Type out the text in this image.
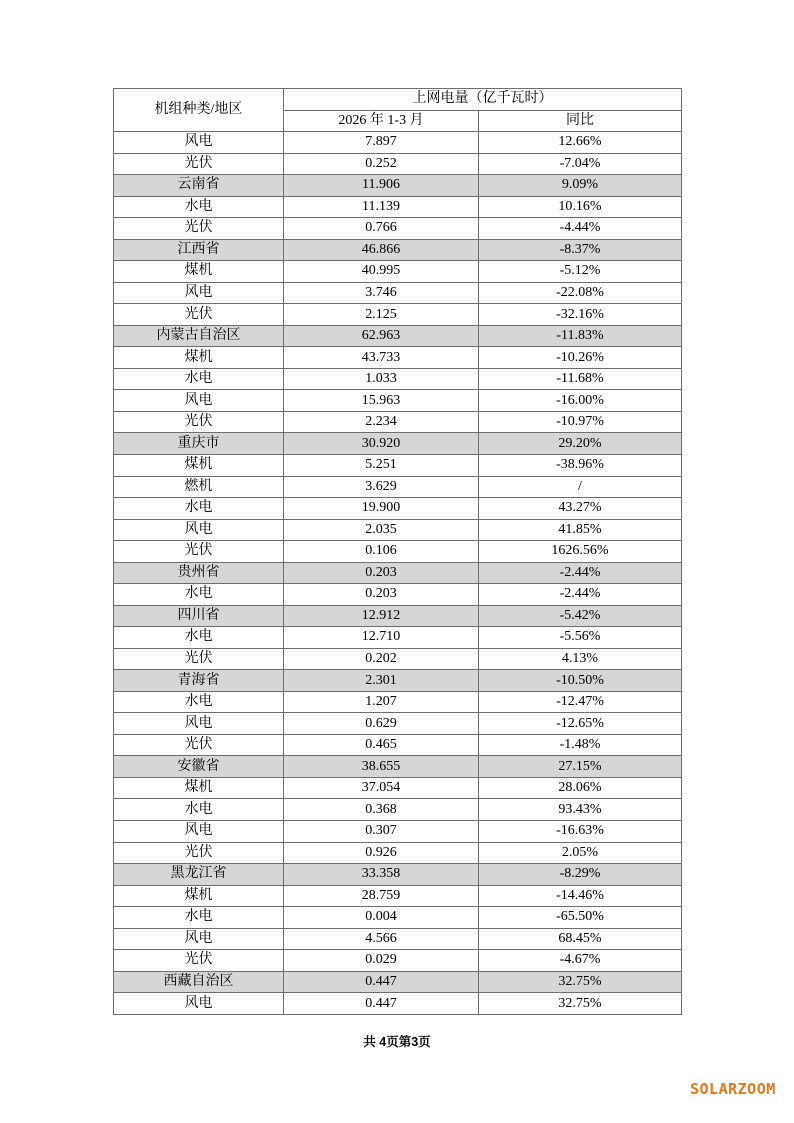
机组种类/地区	上网电量（亿千瓦时）	
	2026 年 1-3 月	同比
风电	7.897	12.66%
光伏	0.252	-7.04%
云南省	11.906	9.09%
水电	11.139	10.16%
光伏	0.766	-4.44%
江西省	46.866	-8.37%
煤机	40.995	-5.12%
风电	3.746	-22.08%
光伏	2.125	-32.16%
内蒙古自治区	62.963	-11.83%
煤机	43.733	-10.26%
水电	1.033	-11.68%
风电	15.963	-16.00%
光伏	2.234	-10.97%
重庆市	30.920	29.20%
煤机	5.251	-38.96%
燃机	3.629	/
水电	19.900	43.27%
风电	2.035	41.85%
光伏	0.106	1626.56%
贵州省	0.203	-2.44%
水电	0.203	-2.44%
四川省	12.912	-5.42%
水电	12.710	-5.56%
光伏	0.202	4.13%
青海省	2.301	-10.50%
水电	1.207	-12.47%
风电	0.629	-12.65%
光伏	0.465	-1.48%
安徽省	38.655	27.15%
煤机	37.054	28.06%
水电	0.368	93.43%
风电	0.307	-16.63%
光伏	0.926	2.05%
黑龙江省	33.358	-8.29%
煤机	28.759	-14.46%
水电	0.004	-65.50%
风电	4.566	68.45%
光伏	0.029	-4.67%
西藏自治区	0.447	32.75%
风电	0.447	32.75%
共 4页第3页
SOLARZOOM
